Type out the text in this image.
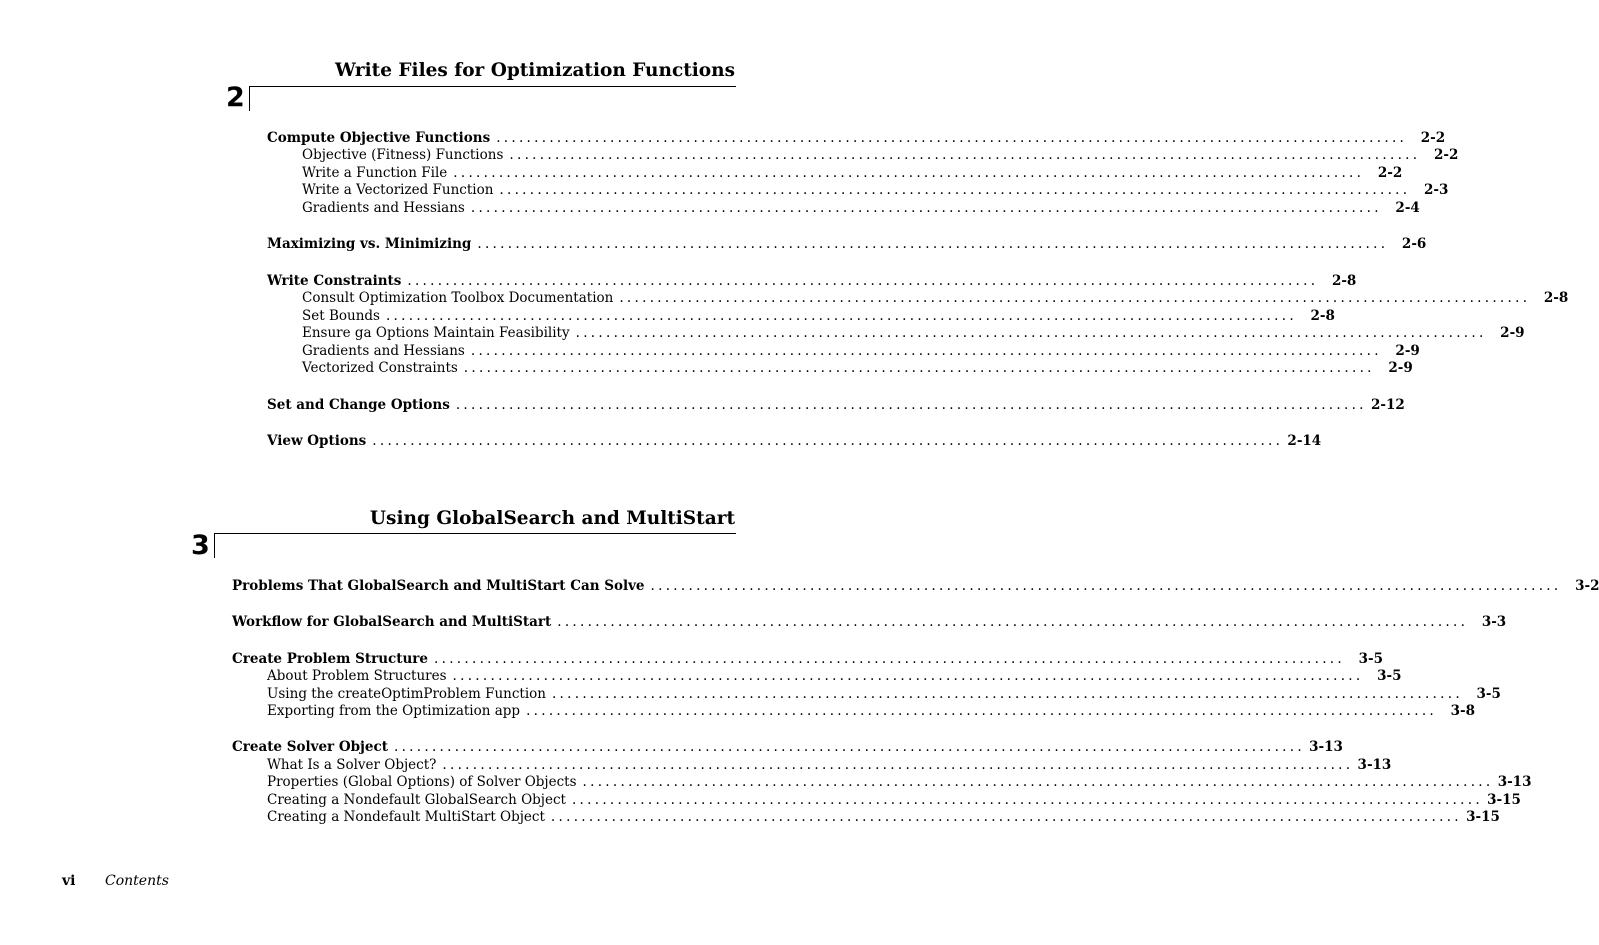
Write Files for Optimization Functions
2
Compute Objective Functions ........................................................................................................................	2-2
Objective (Fitness) Functions ........................................................................................................................	2-2
Write a Function File ........................................................................................................................	2-2
Write a Vectorized Function ........................................................................................................................	2-3
Gradients and Hessians ........................................................................................................................	2-4
Maximizing vs. Minimizing ........................................................................................................................	2-6
Write Constraints ........................................................................................................................	2-8
Consult Optimization Toolbox Documentation ........................................................................................................................	2-8
Set Bounds ........................................................................................................................	2-8
Ensure ga Options Maintain Feasibility ........................................................................................................................	2-9
Gradients and Hessians ........................................................................................................................	2-9
Vectorized Constraints ........................................................................................................................	2-9
Set and Change Options ........................................................................................................................ 2-12
View Options ........................................................................................................................ 2-14
Using GlobalSearch and MultiStart
3
Problems That GlobalSearch and MultiStart Can Solve ........................................................................................................................	3-2
Workflow for GlobalSearch and MultiStart ........................................................................................................................	3-3
Create Problem Structure ........................................................................................................................	3-5
About Problem Structures ........................................................................................................................	3-5
Using the createOptimProblem Function ........................................................................................................................	3-5
Exporting from the Optimization app ........................................................................................................................	3-8
Create Solver Object ........................................................................................................................ 3-13
What Is a Solver Object? ........................................................................................................................ 3-13
Properties (Global Options) of Solver Objects ........................................................................................................................ 3-13
Creating a Nondefault GlobalSearch Object ........................................................................................................................ 3-15
Creating a Nondefault MultiStart Object ........................................................................................................................ 3-15
vi Contents
